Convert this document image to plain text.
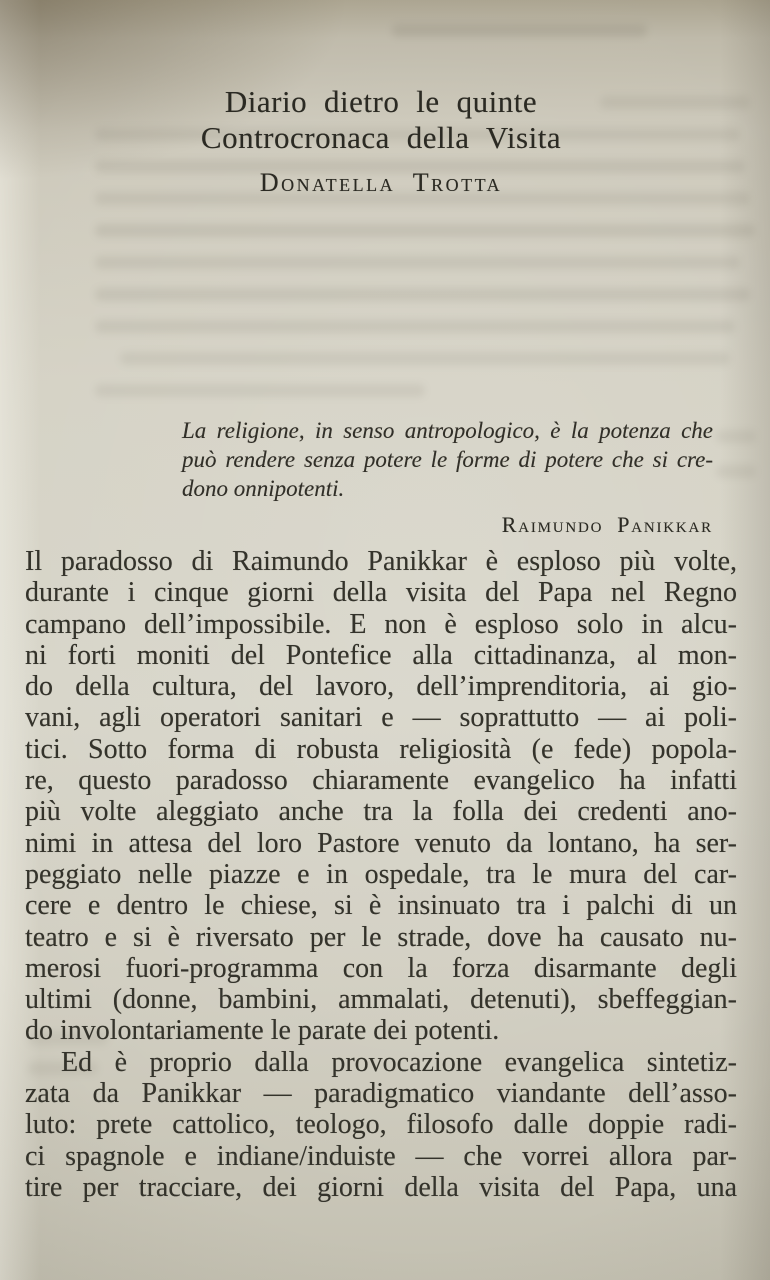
Diario dietro le quinte
Controcronaca della Visita
Donatella Trotta
La religione, in senso antropologico, è la potenza che
può rendere senza potere le forme di potere che si cre-
dono onnipotenti.
Raimundo Panikkar
Il paradosso di Raimundo Panikkar è esploso più volte,
durante i cinque giorni della visita del Papa nel Regno
campano dell’impossibile. E non è esploso solo in alcu-
ni forti moniti del Pontefice alla cittadinanza, al mon-
do della cultura, del lavoro, dell’imprenditoria, ai gio-
vani, agli operatori sanitari e — soprattutto — ai poli-
tici. Sotto forma di robusta religiosità (e fede) popola-
re, questo paradosso chiaramente evangelico ha infatti
più volte aleggiato anche tra la folla dei credenti ano-
nimi in attesa del loro Pastore venuto da lontano, ha ser-
peggiato nelle piazze e in ospedale, tra le mura del car-
cere e dentro le chiese, si è insinuato tra i palchi di un
teatro e si è riversato per le strade, dove ha causato nu-
merosi fuori-programma con la forza disarmante degli
ultimi (donne, bambini, ammalati, detenuti), sbeffeggian-
do involontariamente le parate dei potenti.
Ed è proprio dalla provocazione evangelica sintetiz-
zata da Panikkar — paradigmatico viandante dell’asso-
luto: prete cattolico, teologo, filosofo dalle doppie radi-
ci spagnole e indiane/induiste — che vorrei allora par-
tire per tracciare, dei giorni della visita del Papa, una
